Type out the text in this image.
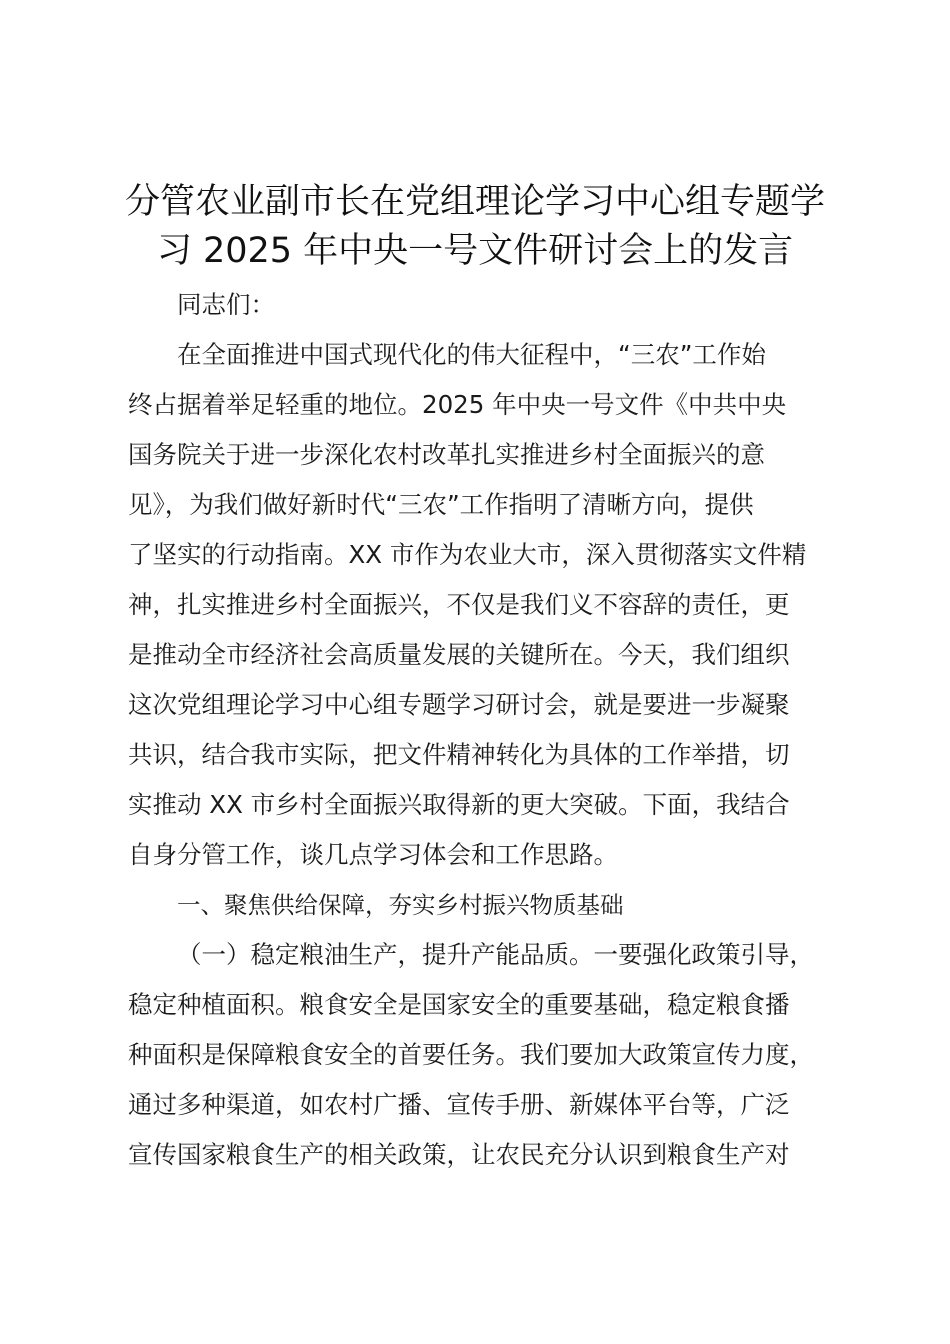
分管农业副市长在党组理论学习中心组专题学
习 2025 年中央一号文件研讨会上的发言
同志们：
在全面推进中国式现代化的伟大征程中，“三农”工作始
终占据着举足轻重的地位。2025 年中央一号文件《中共中央
国务院关于进一步深化农村改革扎实推进乡村全面振兴的意
见》，为我们做好新时代“三农”工作指明了清晰方向，提供
了坚实的行动指南。XX 市作为农业大市，深入贯彻落实文件精
神，扎实推进乡村全面振兴，不仅是我们义不容辞的责任，更
是推动全市经济社会高质量发展的关键所在。今天，我们组织
这次党组理论学习中心组专题学习研讨会，就是要进一步凝聚
共识，结合我市实际，把文件精神转化为具体的工作举措，切
实推动 XX 市乡村全面振兴取得新的更大突破。下面，我结合
自身分管工作，谈几点学习体会和工作思路。
一、聚焦供给保障，夯实乡村振兴物质基础
（一）稳定粮油生产，提升产能品质。一要强化政策引导，
稳定种植面积。粮食安全是国家安全的重要基础，稳定粮食播
种面积是保障粮食安全的首要任务。我们要加大政策宣传力度，
通过多种渠道，如农村广播、宣传手册、新媒体平台等，广泛
宣传国家粮食生产的相关政策，让农民充分认识到粮食生产对
